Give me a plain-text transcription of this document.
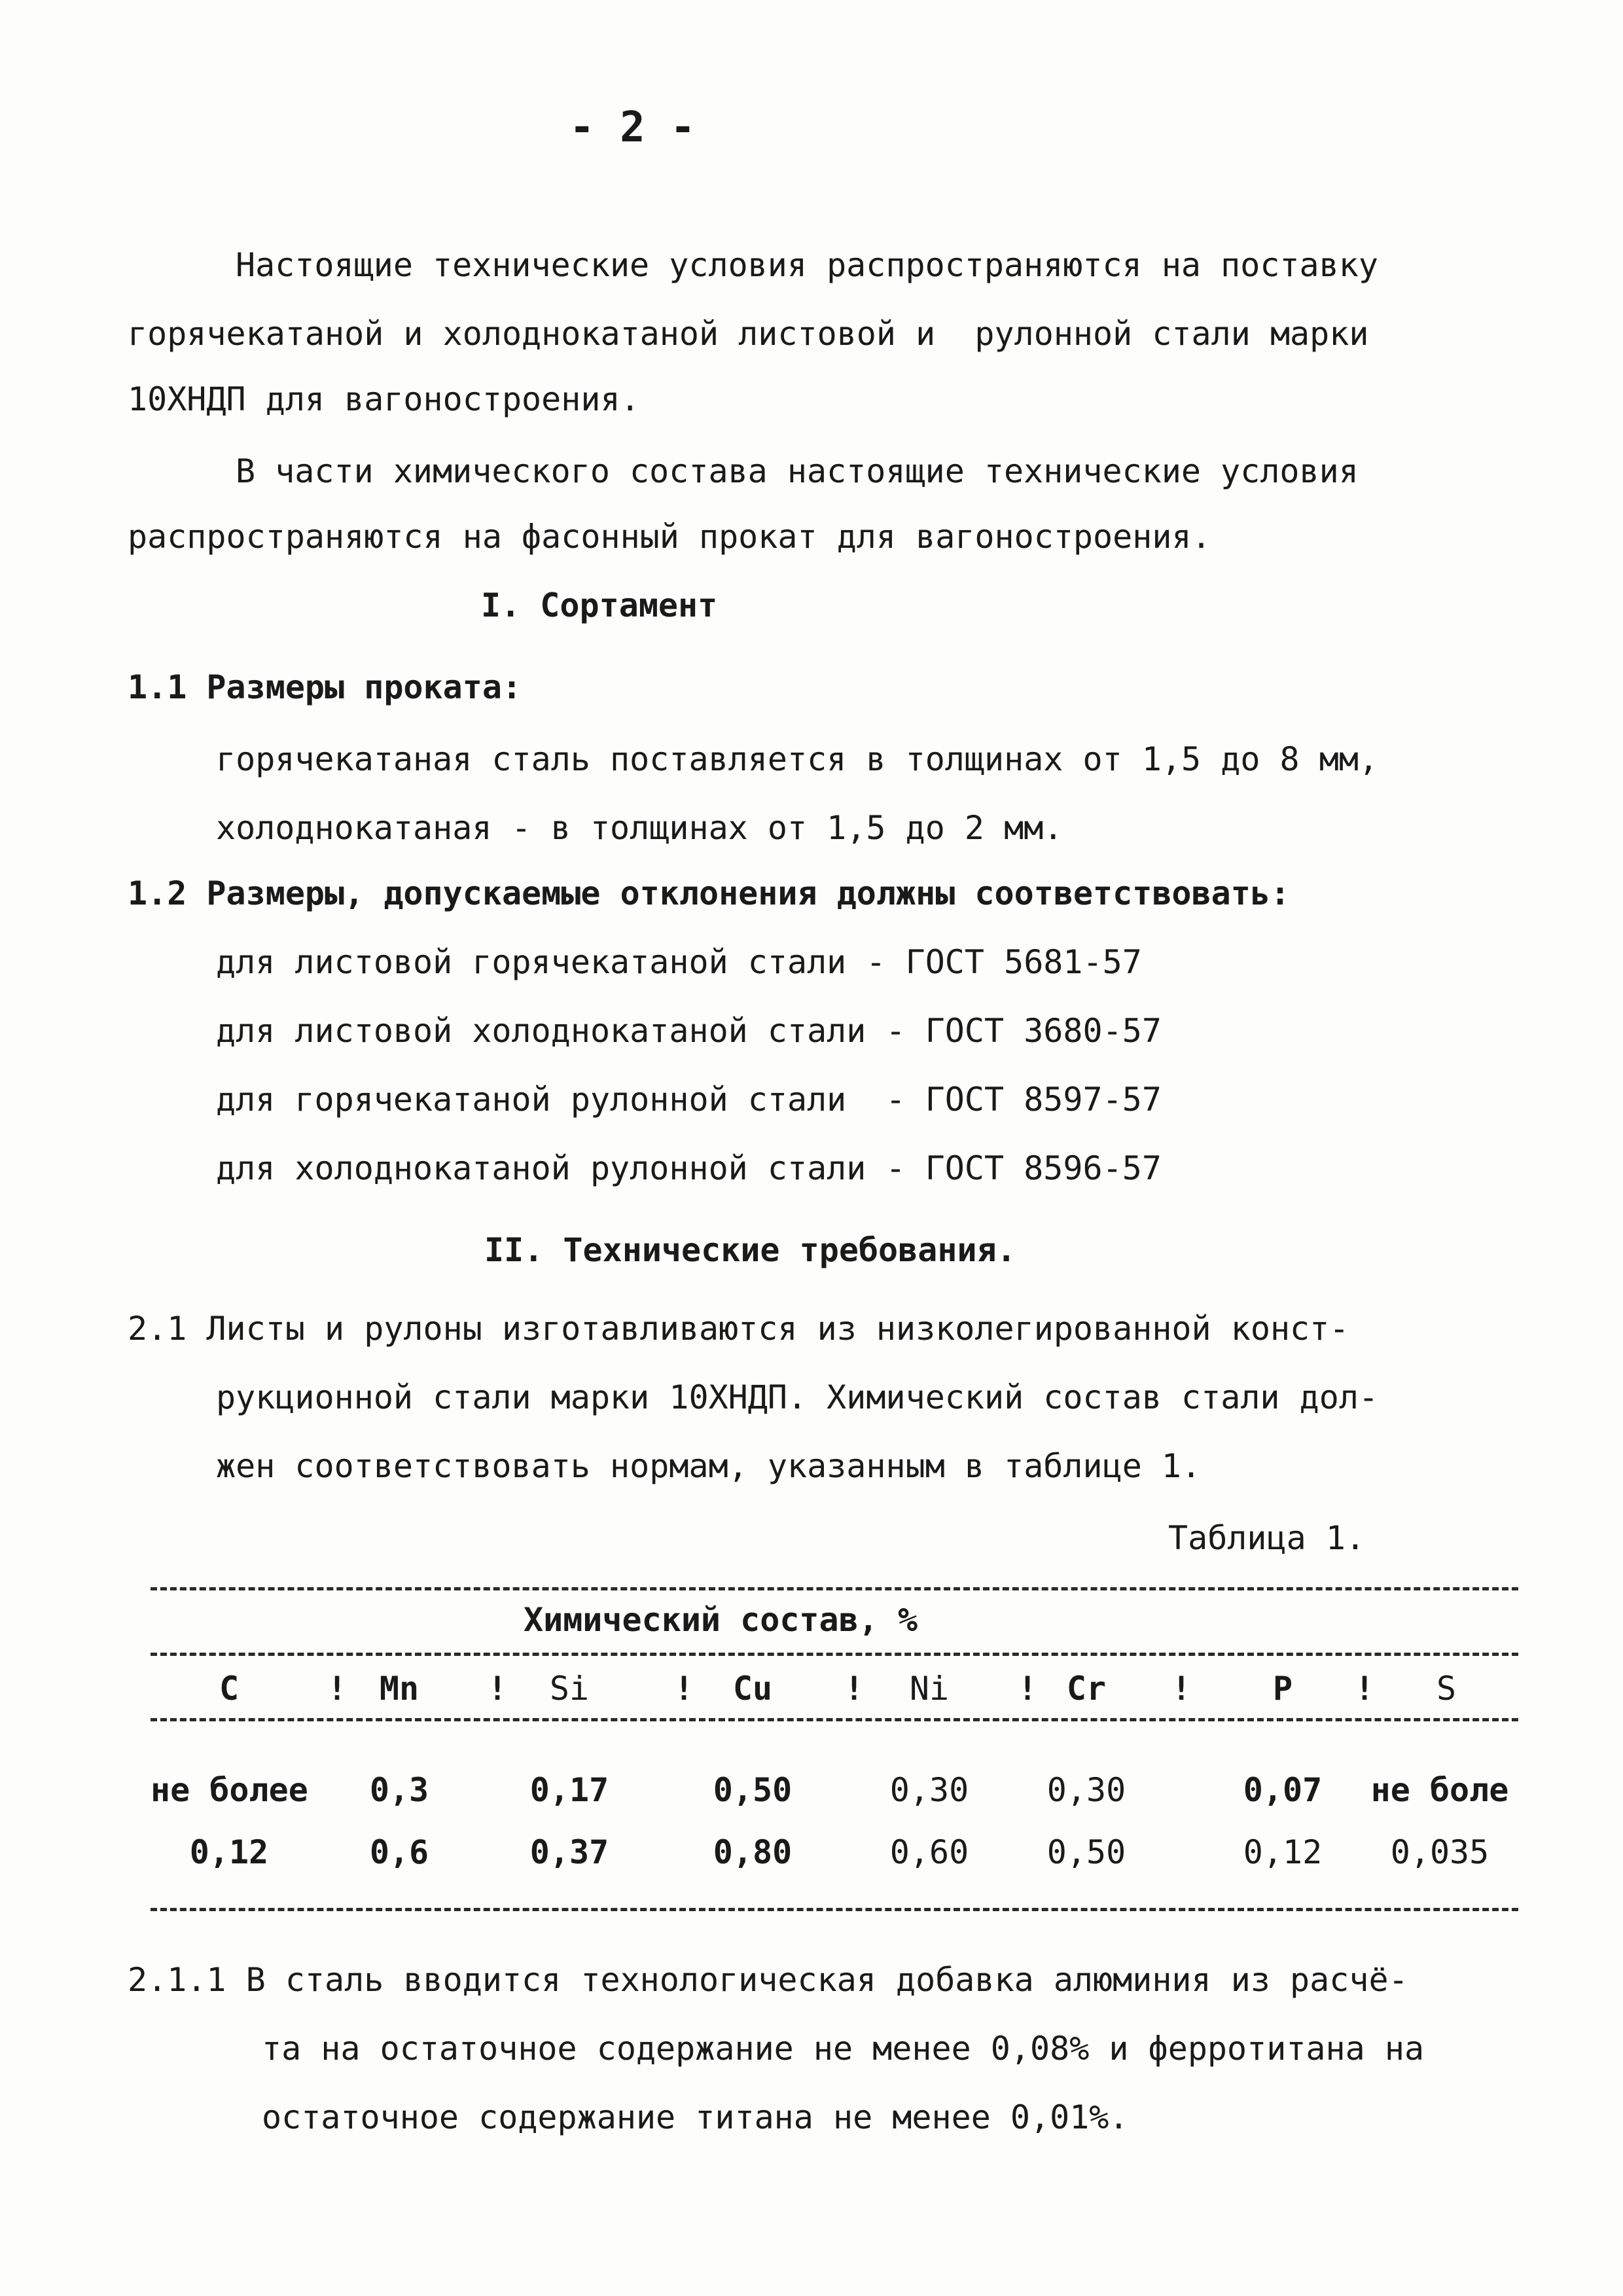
- 2 -
Настоящие технические условия распространяются на поставку
горячекатаной и холоднокатаной листовой и  рулонной стали марки
10ХНДП для вагоностроения.
В части химического состава настоящие технические условия
распространяются на фасонный прокат для вагоностроения.
I. Сортамент
1.1 Размеры проката:
горячекатаная сталь поставляется в толщинах от 1,5 до 8 мм,
холоднокатаная - в толщинах от 1,5 до 2 мм.
1.2 Размеры, допускаемые отклонения должны соответствовать:
для листовой горячекатаной стали - ГОСТ 5681-57
для листовой холоднокатаной стали - ГОСТ 3680-57
для горячекатаной рулонной стали  - ГОСТ 8597-57
для холоднокатаной рулонной стали - ГОСТ 8596-57
II. Технические требования.
2.1 Листы и рулоны изготавливаются из низколегированной конст-
рукционной стали марки 10ХНДП. Химический состав стали дол-
жен соответствовать нормам, указанным в таблице 1.
Таблица 1.
Химический состав, %
C	Mn	Si	Cu	Ni	Cr	P	S
!	!	!	!	!	!	!
не более	0,3	0,17	0,50	0,30	0,30	0,07	не боле
0,12	0,6	0,37	0,80	0,60	0,50	0,12	0,035
2.1.1 В сталь вводится технологическая добавка алюминия из расчё-
та на остаточное содержание не менее 0,08% и ферротитана на
остаточное содержание титана не менее 0,01%.
